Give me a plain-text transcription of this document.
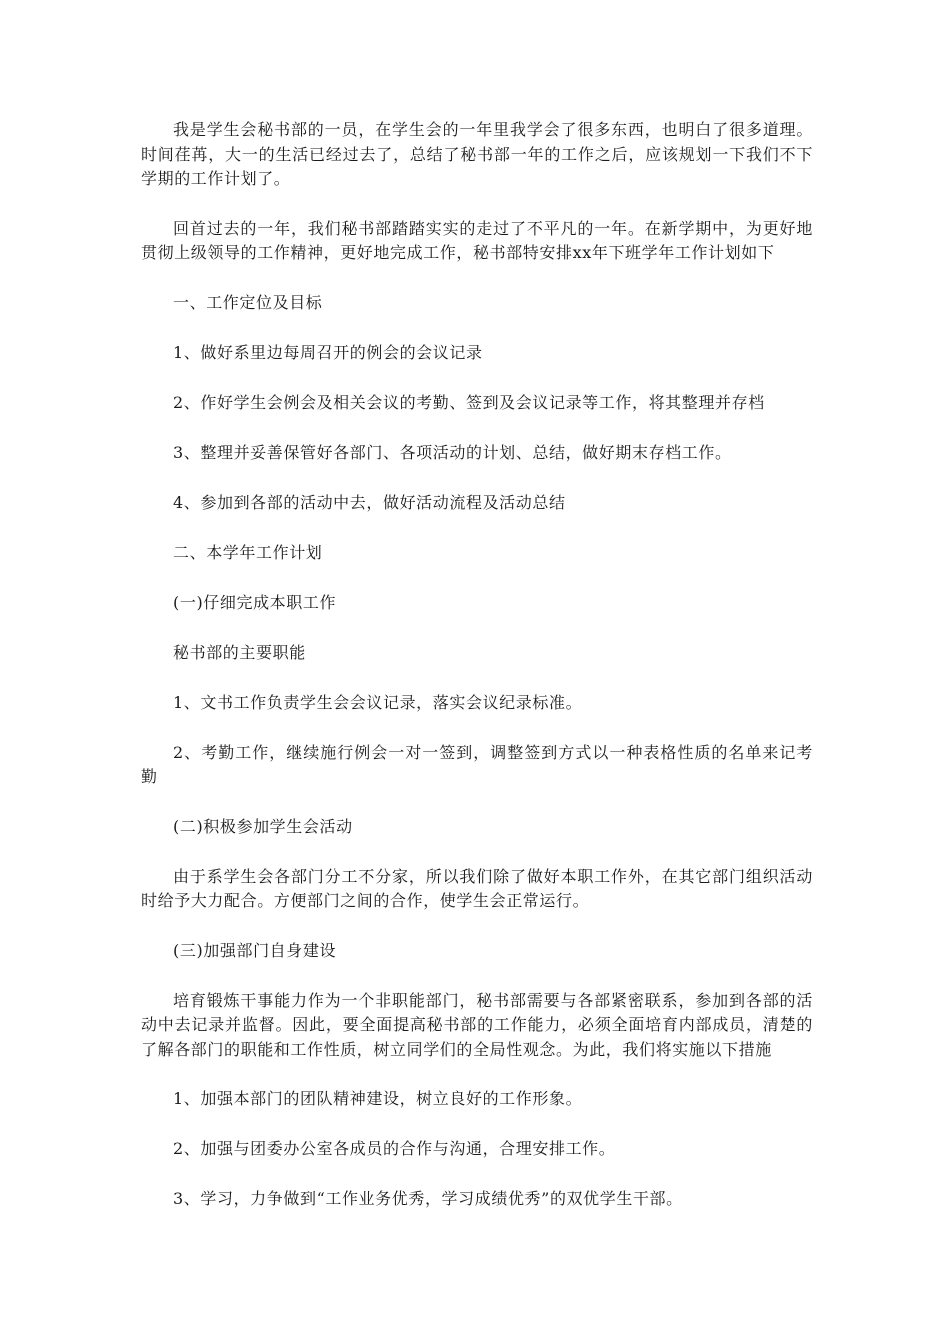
我是学生会秘书部的一员，在学生会的一年里我学会了很多东西，也明白了很多道理。时间荏苒，大一的生活已经过去了，总结了秘书部一年的工作之后，应该规划一下我们不下学期的工作计划了。

回首过去的一年，我们秘书部踏踏实实的走过了不平凡的一年。在新学期中，为更好地贯彻上级领导的工作精神，更好地完成工作，秘书部特安排xx年下班学年工作计划如下

一、工作定位及目标

1、做好系里边每周召开的例会的会议记录

2、作好学生会例会及相关会议的考勤、签到及会议记录等工作，将其整理并存档

3、整理并妥善保管好各部门、各项活动的计划、总结，做好期末存档工作。

4、参加到各部的活动中去，做好活动流程及活动总结

二、本学年工作计划

(一)仔细完成本职工作

秘书部的主要职能

1、文书工作负责学生会会议记录，落实会议纪录标准。

2、考勤工作，继续施行例会一对一签到，调整签到方式以一种表格性质的名单来记考勤

(二)积极参加学生会活动

由于系学生会各部门分工不分家，所以我们除了做好本职工作外，在其它部门组织活动时给予大力配合。方便部门之间的合作，使学生会正常运行。

(三)加强部门自身建设

培育锻炼干事能力作为一个非职能部门，秘书部需要与各部紧密联系，参加到各部的活动中去记录并监督。因此，要全面提高秘书部的工作能力，必须全面培育内部成员，清楚的了解各部门的职能和工作性质，树立同学们的全局性观念。为此，我们将实施以下措施

1、加强本部门的团队精神建设，树立良好的工作形象。

2、加强与团委办公室各成员的合作与沟通，合理安排工作。

3、学习，力争做到“工作业务优秀，学习成绩优秀”的双优学生干部。
